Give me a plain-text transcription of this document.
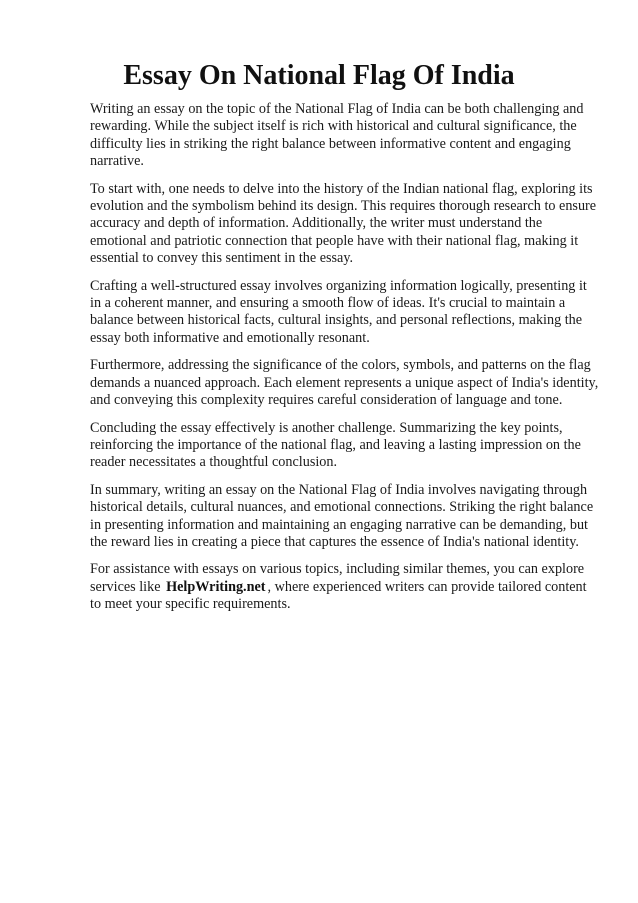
Essay On National Flag Of India

Writing an essay on the topic of the National Flag of India can be both challenging and rewarding. While the subject itself is rich with historical and cultural significance, the difficulty lies in striking the right balance between informative content and engaging narrative.

To start with, one needs to delve into the history of the Indian national flag, exploring its evolution and the symbolism behind its design. This requires thorough research to ensure accuracy and depth of information. Additionally, the writer must understand the emotional and patriotic connection that people have with their national flag, making it essential to convey this sentiment in the essay.

Crafting a well-structured essay involves organizing information logically, presenting it in a coherent manner, and ensuring a smooth flow of ideas. It's crucial to maintain a balance between historical facts, cultural insights, and personal reflections, making the essay both informative and emotionally resonant.

Furthermore, addressing the significance of the colors, symbols, and patterns on the flag demands a nuanced approach. Each element represents a unique aspect of India's identity, and conveying this complexity requires careful consideration of language and tone.

Concluding the essay effectively is another challenge. Summarizing the key points, reinforcing the importance of the national flag, and leaving a lasting impression on the reader necessitates a thoughtful conclusion.

In summary, writing an essay on the National Flag of India involves navigating through historical details, cultural nuances, and emotional connections. Striking the right balance in presenting information and maintaining an engaging narrative can be demanding, but the reward lies in creating a piece that captures the essence of India's national identity.

For assistance with essays on various topics, including similar themes, you can explore services like HelpWriting.net , where experienced writers can provide tailored content to meet your specific requirements.
